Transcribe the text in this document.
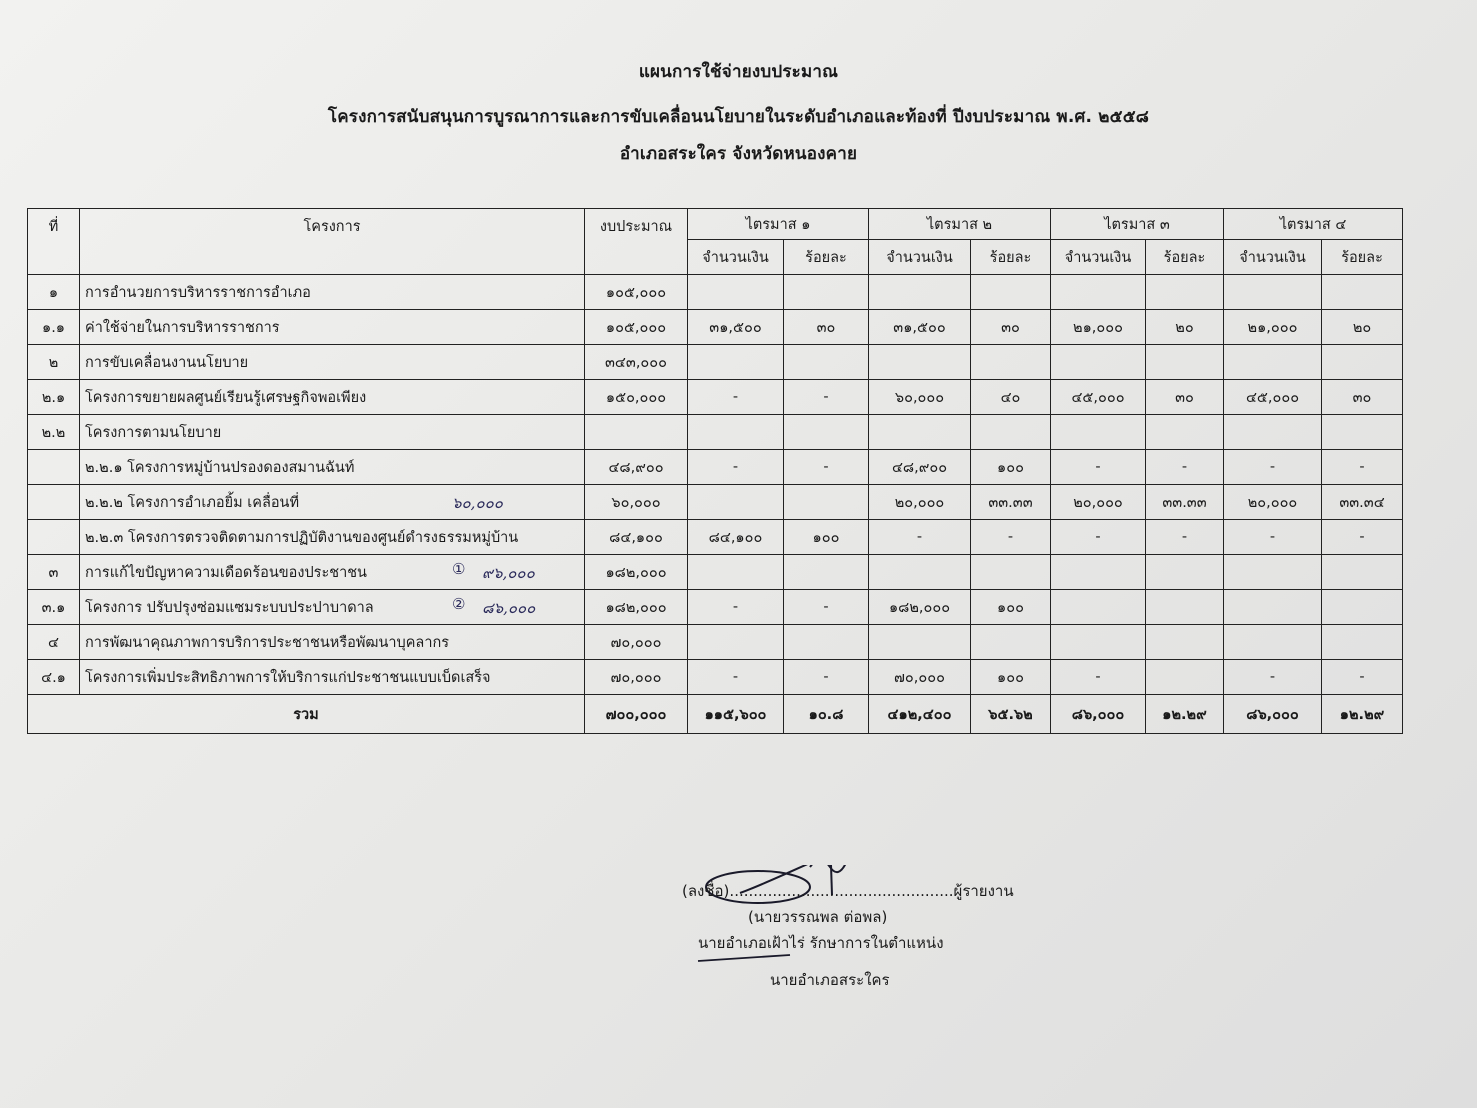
แผนการใช้จ่ายงบประมาณ
โครงการสนับสนุนการบูรณาการและการขับเคลื่อนนโยบายในระดับอำเภอและท้องที่ ปีงบประมาณ พ.ศ. ๒๕๕๘
อำเภอสระใคร จังหวัดหนองคาย
ที่	โครงการ	งบประมาณ	ไตรมาส ๑		ไตรมาส ๒		ไตรมาส ๓		ไตรมาส ๔	
			จำนวนเงิน	ร้อยละ	จำนวนเงิน	ร้อยละ	จำนวนเงิน	ร้อยละ	จำนวนเงิน	ร้อยละ
๑	การอำนวยการบริหารราชการอำเภอ	๑๐๕,๐๐๐								
๑.๑	ค่าใช้จ่ายในการบริหารราชการ	๑๐๕,๐๐๐	๓๑,๕๐๐	๓๐	๓๑,๕๐๐	๓๐	๒๑,๐๐๐	๒๐	๒๑,๐๐๐	๒๐
๒	การขับเคลื่อนงานนโยบาย	๓๔๓,๐๐๐								
๒.๑	โครงการขยายผลศูนย์เรียนรู้เศรษฐกิจพอเพียง	๑๕๐,๐๐๐	-	-	๖๐,๐๐๐	๔๐	๔๕,๐๐๐	๓๐	๔๕,๐๐๐	๓๐
๒.๒	โครงการตามนโยบาย									
	๒.๒.๑ โครงการหมู่บ้านปรองดองสมานฉันท์	๔๘,๙๐๐	-	-	๔๘,๙๐๐	๑๐๐	-	-	-	-
	๒.๒.๒ โครงการอำเภอยิ้ม เคลื่อนที่ ๖๐,๐๐๐	๖๐,๐๐๐			๒๐,๐๐๐	๓๓.๓๓	๒๐,๐๐๐	๓๓.๓๓	๒๐,๐๐๐	๓๓.๓๔
	๒.๒.๓ โครงการตรวจติดตามการปฏิบัติงานของศูนย์ดำรงธรรมหมู่บ้าน	๘๔,๑๐๐	๘๔,๑๐๐	๑๐๐	-	-	-	-	-	-
๓	การแก้ไขปัญหาความเดือดร้อนของประชาชน ① ๙๖,๐๐๐	๑๘๒,๐๐๐								
๓.๑	โครงการ ปรับปรุงซ่อมแซมระบบประปาบาดาล ② ๘๖,๐๐๐	๑๘๒,๐๐๐	-	-	๑๘๒,๐๐๐	๑๐๐				
๔	การพัฒนาคุณภาพการบริการประชาชนหรือพัฒนาบุคลากร	๗๐,๐๐๐								
๔.๑	โครงการเพิ่มประสิทธิภาพการให้บริการแก่ประชาชนแบบเบ็ดเสร็จ	๗๐,๐๐๐	-	-	๗๐,๐๐๐	๑๐๐	-		-	-
รวม		๗๐๐,๐๐๐	๑๑๕,๖๐๐	๑๐.๘	๔๑๒,๔๐๐	๖๕.๖๒	๘๖,๐๐๐	๑๒.๒๙	๘๖,๐๐๐	๑๒.๒๙
(ลงชื่อ)...............................................ผู้รายงาน
(นายวรรณพล ต่อพล)
นายอำเภอเฝ้าไร่ รักษาการในตำแหน่ง
นายอำเภอสระใคร
